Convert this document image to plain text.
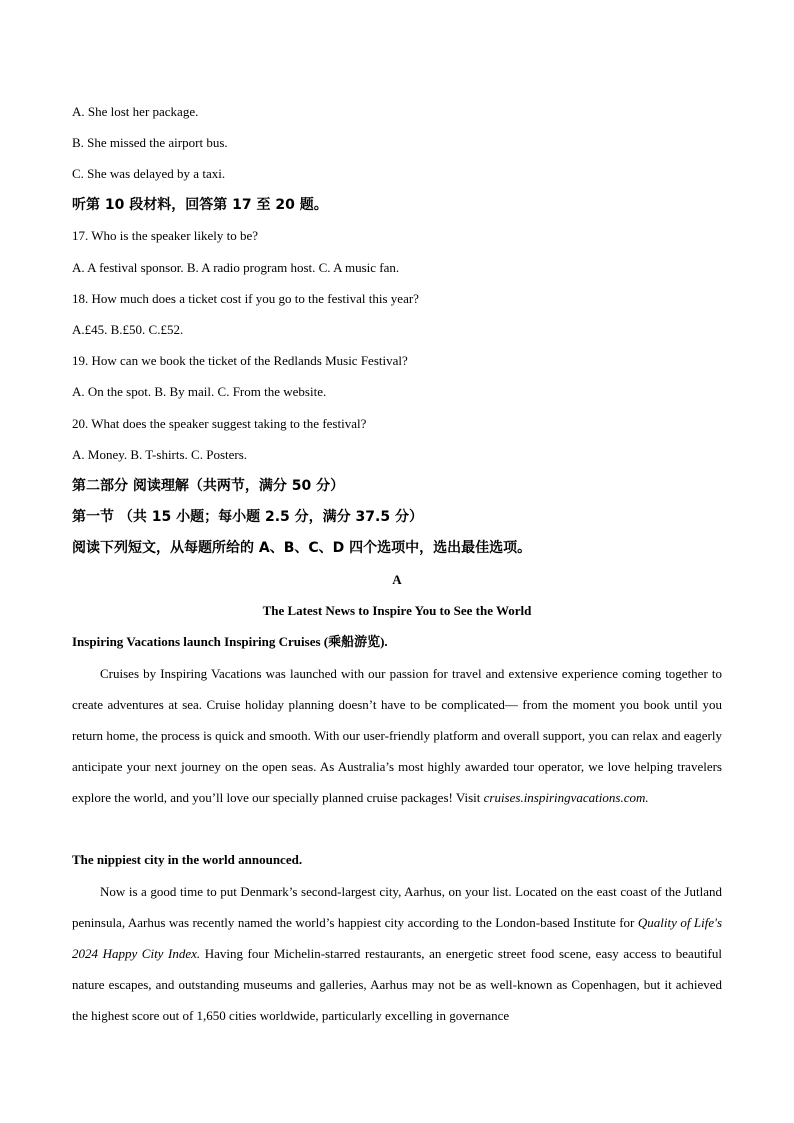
A. She lost her package.
B. She missed the airport bus.
C. She was delayed by a taxi.
听第 10 段材料，回答第 17 至 20 题。
17. Who is the speaker likely to be?
A. A festival sponsor. B. A radio program host. C. A music fan.
18. How much does a ticket cost if you go to the festival this year?
A.£45. B.£50. C.£52.
19. How can we book the ticket of the Redlands Music Festival?
A. On the spot. B. By mail. C. From the website.
20. What does the speaker suggest taking to the festival?
A. Money. B. T-shirts. C. Posters.
第二部分 阅读理解（共两节，满分 50 分）
第一节 （共 15 小题；每小题 2.5 分，满分 37.5 分）
阅读下列短文，从每题所给的 A、B、C、D 四个选项中，选出最佳选项。
A
The Latest News to Inspire You to See the World
Inspiring Vacations launch Inspiring Cruises (乘船游览).

Cruises by Inspiring Vacations was launched with our passion for travel and extensive experience coming together to create adventures at sea. Cruise holiday planning doesn’t have to be complicated— from the moment you book until you return home, the process is quick and smooth. With our user-friendly platform and overall support, you can relax and eagerly anticipate your next journey on the open seas. As Australia’s most highly awarded tour operator, we love helping travelers explore the world, and you’ll love our specially planned cruise packages! Visit cruises.inspiringvacations.com.

The nippiest city in the world announced.

Now is a good time to put Denmark’s second-largest city, Aarhus, on your list. Located on the east coast of the Jutland peninsula, Aarhus was recently named the world’s happiest city according to the London-based Institute for Quality of Life's 2024 Happy City Index. Having four Michelin-starred restaurants, an energetic street food scene, easy access to beautiful nature escapes, and outstanding museums and galleries, Aarhus may not be as well-known as Copenhagen, but it achieved the highest score out of 1,650 cities worldwide, particularly excelling in governance
